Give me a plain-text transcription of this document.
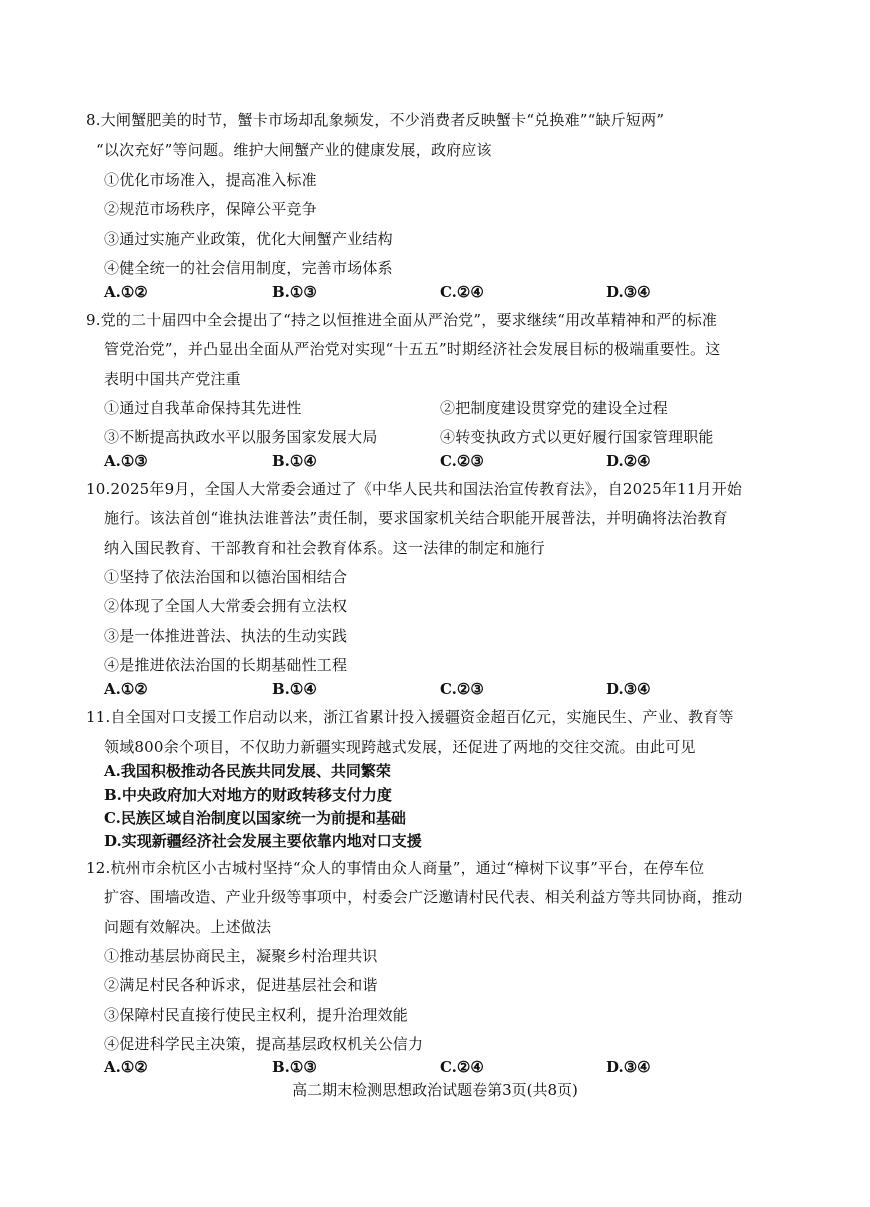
8.大闸蟹肥美的时节，蟹卡市场却乱象频发，不少消费者反映蟹卡“兑换难”“缺斤短两”
“以次充好”等问题。维护大闸蟹产业的健康发展，政府应该
①优化市场准入，提高准入标准
②规范市场秩序，保障公平竞争
③通过实施产业政策，优化大闸蟹产业结构
④健全统一的社会信用制度，完善市场体系
A.①②	B.①③	C.②④	D.③④
9.党的二十届四中全会提出了“持之以恒推进全面从严治党”，要求继续“用改革精神和严的标准
管党治党”，并凸显出全面从严治党对实现“十五五”时期经济社会发展目标的极端重要性。这
表明中国共产党注重
①通过自我革命保持其先进性	②把制度建设贯穿党的建设全过程
③不断提高执政水平以服务国家发展大局	④转变执政方式以更好履行国家管理职能
A.①③	B.①④	C.②③	D.②④
10.2025年9月，全国人大常委会通过了《中华人民共和国法治宣传教育法》，自2025年11月开始
施行。该法首创“谁执法谁普法”责任制，要求国家机关结合职能开展普法，并明确将法治教育
纳入国民教育、干部教育和社会教育体系。这一法律的制定和施行
①坚持了依法治国和以德治国相结合
②体现了全国人大常委会拥有立法权
③是一体推进普法、执法的生动实践
④是推进依法治国的长期基础性工程
A.①②	B.①④	C.②③	D.③④
11.自全国对口支援工作启动以来，浙江省累计投入援疆资金超百亿元，实施民生、产业、教育等
领域800余个项目，不仅助力新疆实现跨越式发展，还促进了两地的交往交流。由此可见
A.我国积极推动各民族共同发展、共同繁荣
B.中央政府加大对地方的财政转移支付力度
C.民族区域自治制度以国家统一为前提和基础
D.实现新疆经济社会发展主要依靠内地对口支援
12.杭州市余杭区小古城村坚持“众人的事情由众人商量”，通过“樟树下议事”平台，在停车位
扩容、围墙改造、产业升级等事项中，村委会广泛邀请村民代表、相关利益方等共同协商，推动
问题有效解决。上述做法
①推动基层协商民主，凝聚乡村治理共识
②满足村民各种诉求，促进基层社会和谐
③保障村民直接行使民主权利，提升治理效能
④促进科学民主决策，提高基层政权机关公信力
A.①②	B.①③	C.②④	D.③④
高二期末检测思想政治试题卷第3页(共8页)
